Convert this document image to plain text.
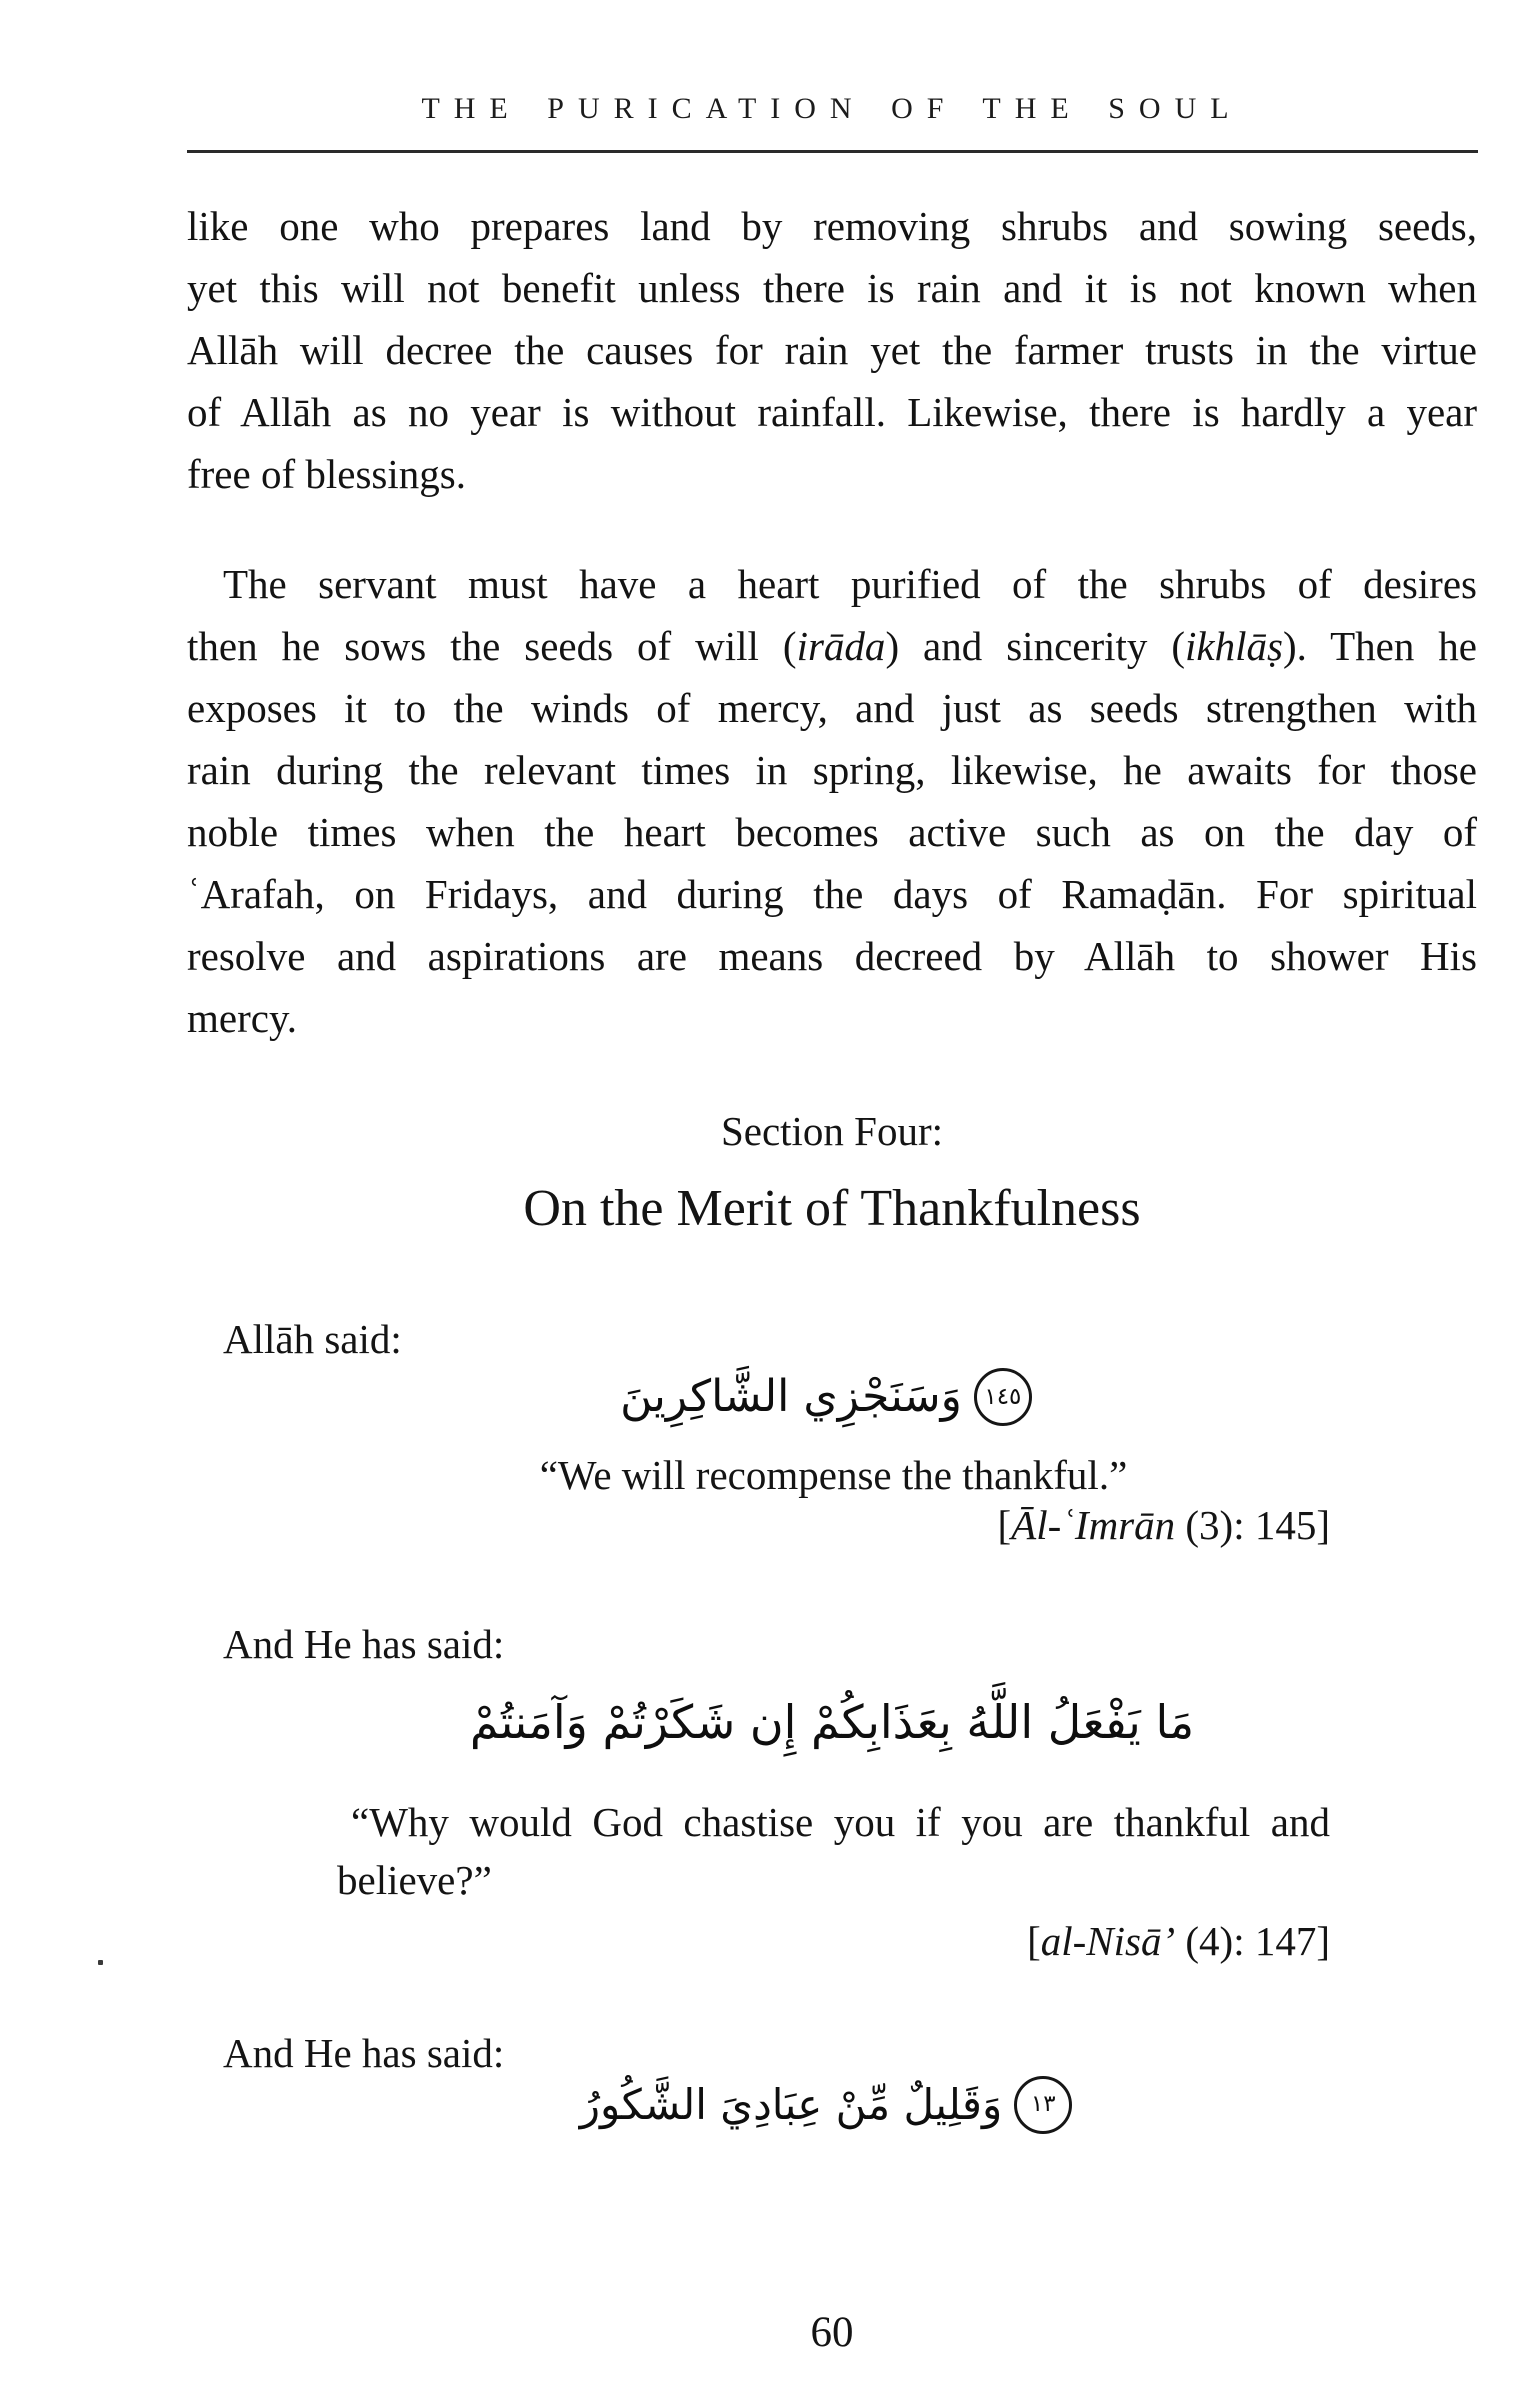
THE PURICATION OF THE SOUL
like one who prepares land by removing shrubs and sowing seeds,
yet this will not benefit unless there is rain and it is not known when
Allāh will decree the causes for rain yet the farmer trusts in the virtue
of Allāh as no year is without rainfall. Likewise, there is hardly a year
free of blessings.
The servant must have a heart purified of the shrubs of desires
then he sows the seeds of will (irāda) and sincerity (ikhlāṣ). Then he
exposes it to the winds of mercy, and just as seeds strengthen with
rain during the relevant times in spring, likewise, he awaits for those
noble times when the heart becomes active such as on the day of
ʿArafah, on Fridays, and during the days of Ramaḍān. For spiritual
resolve and aspirations are means decreed by Allāh to shower His
mercy.
Section Four:
On the Merit of Thankfulness
Allāh said:
وَسَنَجْزِي الشَّاكِرِينَ ١٤٥
“We will recompense the thankful.”
[Āl-ʿImrān (3): 145]
And He has said:
مَا يَفْعَلُ اللَّهُ بِعَذَابِكُمْ إِن شَكَرْتُمْ وَآمَنتُمْ
“Why would God chastise you if you are thankful and
believe?”
[al-Nisā’ (4): 147]
And He has said:
وَقَلِيلٌ مِّنْ عِبَادِيَ الشَّكُورُ ١٣
60
